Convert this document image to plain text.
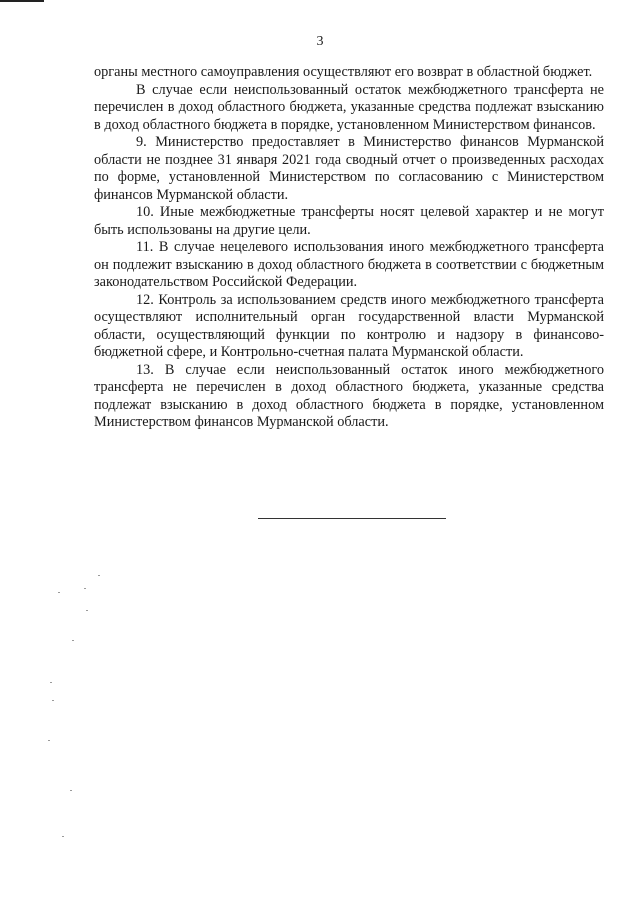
3

органы местного самоуправления осуществляют его возврат в областной бюджет.

В случае если неиспользованный остаток межбюджетного трансферта не перечислен в доход областного бюджета, указанные средства подлежат взысканию в доход областного бюджета в порядке, установленном Министерством финансов.

9. Министерство предоставляет в Министерство финансов Мурманской области не позднее 31 января 2021 года сводный отчет о произведенных расходах по форме, установленной Министерством по согласованию с Министерством финансов Мурманской области.

10. Иные межбюджетные трансферты носят целевой характер и не могут быть использованы на другие цели.

11. В случае нецелевого использования иного межбюджетного трансферта он подлежит взысканию в доход областного бюджета в соответствии с бюджетным законодательством Российской Федерации.

12. Контроль за использованием средств иного межбюджетного трансферта осуществляют исполнительный орган государственной власти Мурманской области, осуществляющий функции по контролю и надзору в финансово-бюджетной сфере, и Контрольно-счетная палата Мурманской области.

13. В случае если неиспользованный остаток иного межбюджетного трансферта не перечислен в доход областного бюджета, указанные средства подлежат взысканию в доход областного бюджета в порядке, установленном Министерством финансов Мурманской области.
